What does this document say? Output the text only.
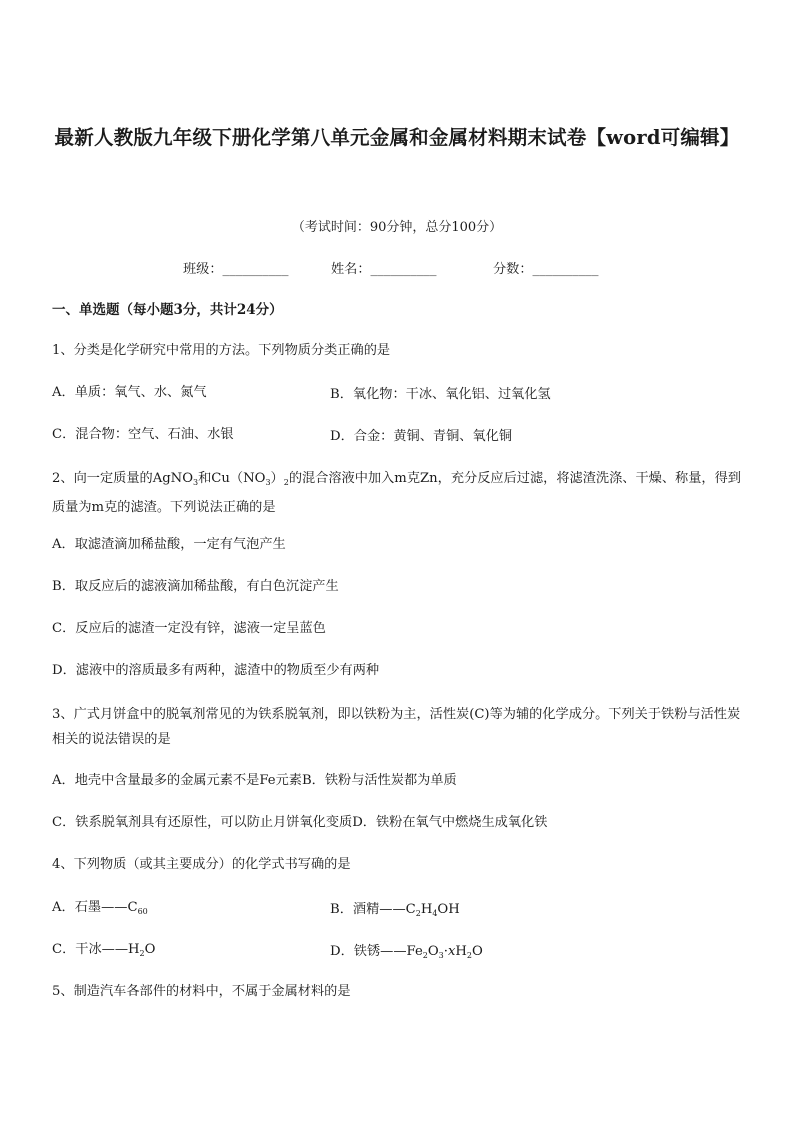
最新人教版九年级下册化学第八单元金属和金属材料期末试卷【word可编辑】
（考试时间：90分钟，总分100分）
班级：__________	姓名：__________	分数：__________
一、单选题（每小题3分，共计24分）
1、分类是化学研究中常用的方法。下列物质分类正确的是
A．单质：氧气、水、氮气	B．氧化物：干冰、氧化铝、过氧化氢
C．混合物：空气、石油、水银	D．合金：黄铜、青铜、氧化铜
2、向一定质量的AgNO$_3$和$Cu(NO_3)_2$的混合溶液中加入m克Zn，充分反应后过滤，将滤渣洗涤、干燥、称量，得到质量为m克的滤渣。下列说法正确的是
A．取滤渣滴加稀盐酸，一定有气泡产生
B．取反应后的滤液滴加稀盐酸，有白色沉淀产生
C．反应后的滤渣一定没有锌，滤液一定呈蓝色
D．滤液中的溶质最多有两种，滤渣中的物质至少有两种
3、广式月饼盒中的脱氧剂常见的为铁系脱氧剂，即以铁粉为主，活性炭(C)等为辅的化学成分。下列关于铁粉与活性炭相关的说法错误的是
A．地壳中含量最多的金属元素不是Fe元素B．铁粉与活性炭都为单质
C．铁系脱氧剂具有还原性，可以防止月饼氧化变质D．铁粉在氧气中燃烧生成氧化铁
4、下列物质（或其主要成分）的化学式书写确的是
A．石墨$——C_{60}$	B．酒精$——C_2H_4OH$
C．干冰$——H_2O$	D．铁锈$——Fe_2O_3\cdot xH_2O$
5、制造汽车各部件的材料中，不属于金属材料的是
